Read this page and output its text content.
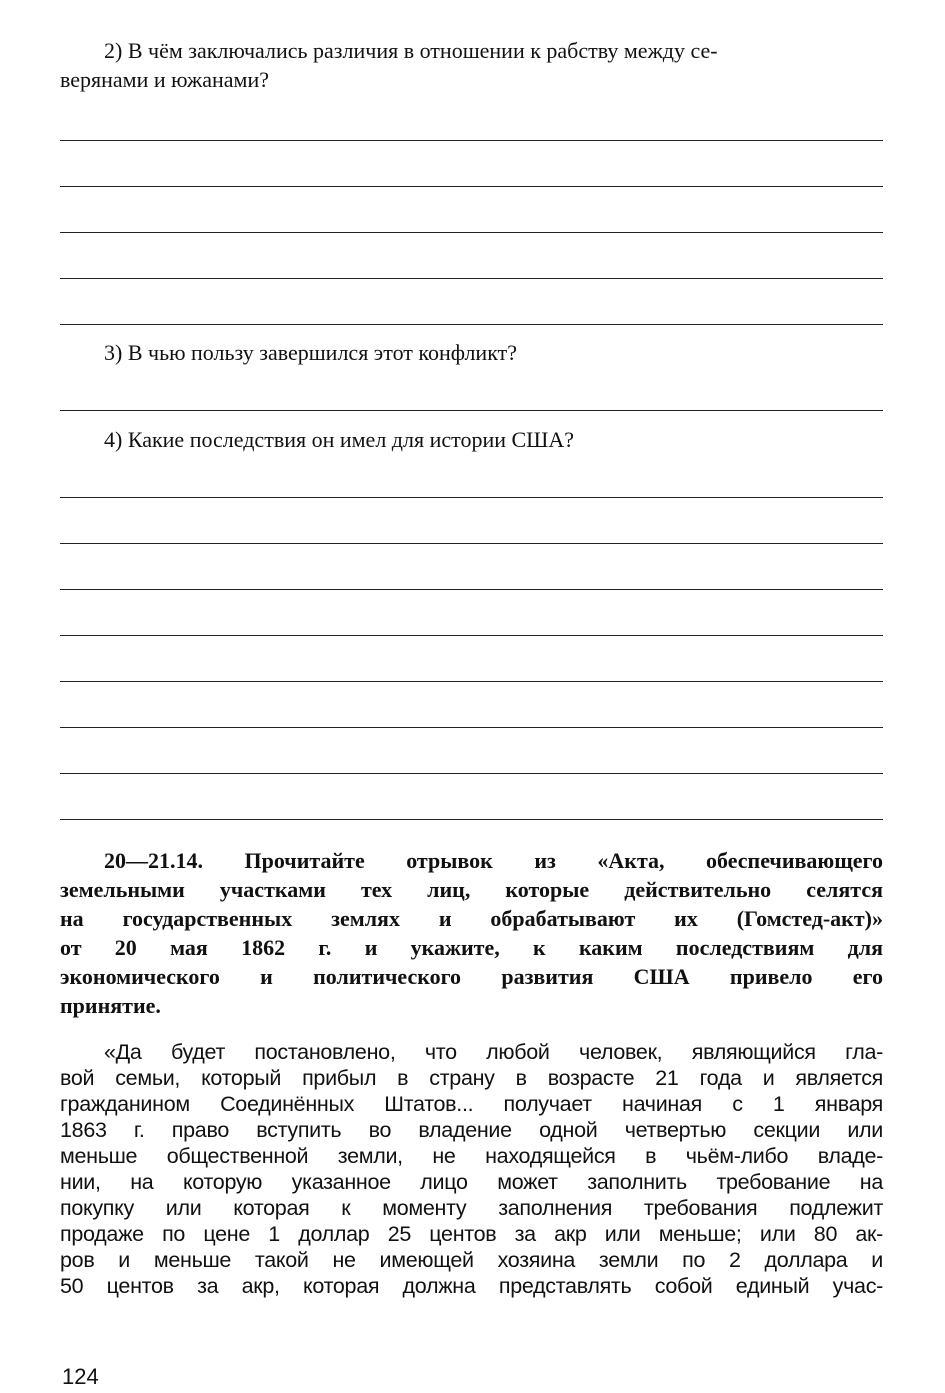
2) В чём заключались различия в отношении к рабству между се-
верянами и южанами?
3) В чью пользу завершился этот конфликт?
4) Какие последствия он имел для истории США?
20—21.14. Прочитайте отрывок из «Акта, обеспечивающего
земельными участками тех лиц, которые действительно селятся
на государственных землях и обрабатывают их (Гомстед-акт)»
от 20 мая 1862 г. и укажите, к каким последствиям для
экономического и политического развития США привело его
принятие.
«Да будет постановлено, что любой человек, являющийся гла-
вой семьи, который прибыл в страну в возрасте 21 года и является
гражданином Соединённых Штатов... получает начиная с 1 января
1863 г. право вступить во владение одной четвертью секции или
меньше общественной земли, не находящейся в чьём-либо владе-
нии, на которую указанное лицо может заполнить требование на
покупку или которая к моменту заполнения требования подлежит
продаже по цене 1 доллар 25 центов за акр или меньше; или 80 ак-
ров и меньше такой не имеющей хозяина земли по 2 доллара и
50 центов за акр, которая должна представлять собой единый учас-
124
